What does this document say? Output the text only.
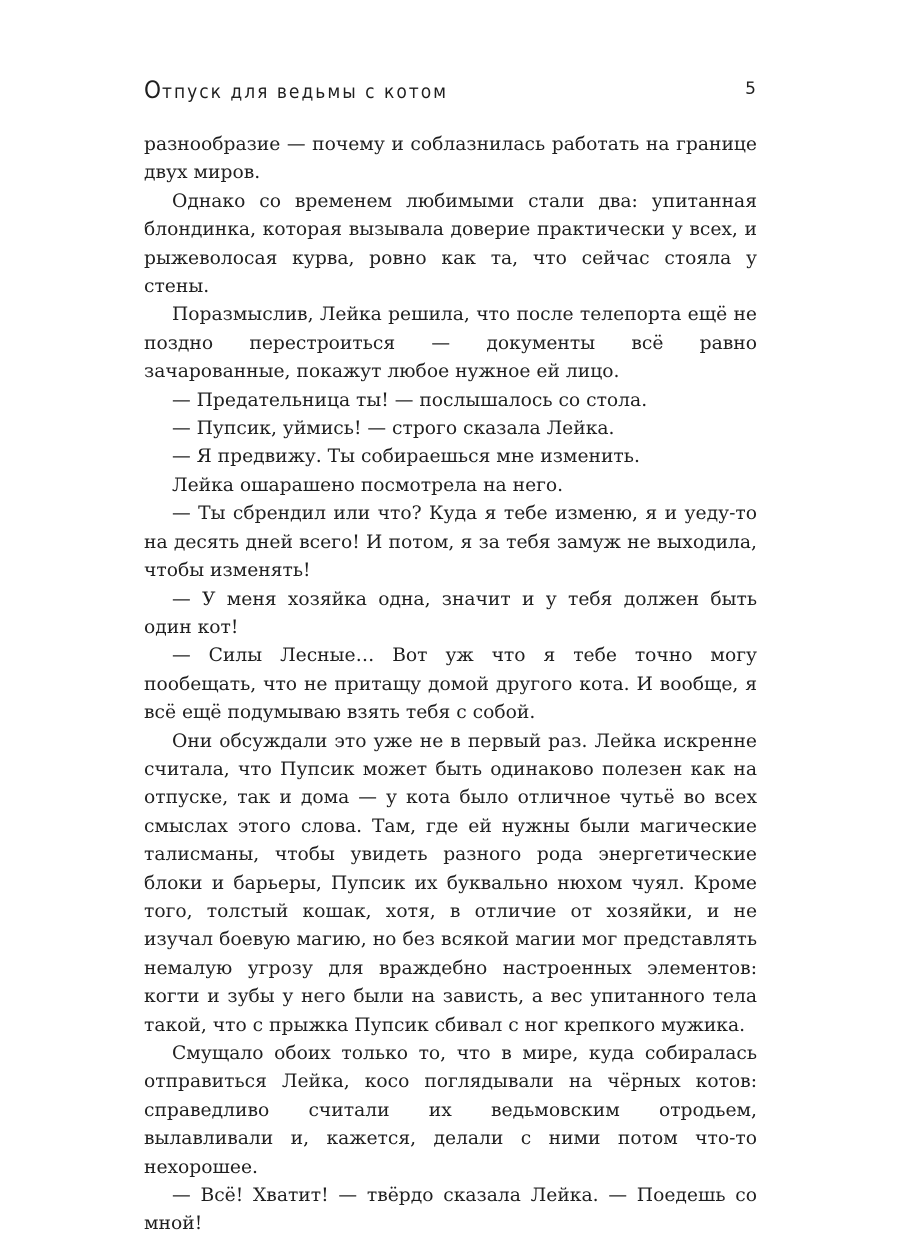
Отпуск для ведьмы с котом	5

разнообразие — почему и соблазнилась работать на границе двух миров.

Однако со временем любимыми стали два: упитанная блондинка, которая вызывала доверие практически у всех, и рыжеволосая курва, ровно как та, что сейчас стояла у стены.

Поразмыслив, Лейка решила, что после телепорта ещё не поздно перестроиться — документы всё равно зачарованные, покажут любое нужное ей лицо.

— Предательница ты! — послышалось со стола.

— Пупсик, уймись! — строго сказала Лейка.

— Я предвижу. Ты собираешься мне изменить.

Лейка ошарашено посмотрела на него.

— Ты сбрендил или что? Куда я тебе изменю, я и уеду-то на десять дней всего! И потом, я за тебя замуж не выходила, чтобы изменять!

— У меня хозяйка одна, значит и у тебя должен быть один кот!

— Силы Лесные… Вот уж что я тебе точно могу пообещать, что не притащу домой другого кота. И вообще, я всё ещё подумываю взять тебя с собой.

Они обсуждали это уже не в первый раз. Лейка искренне считала, что Пупсик может быть одинаково полезен как на отпуске, так и дома — у кота было отличное чутьё во всех смыслах этого слова. Там, где ей нужны были магические талисманы, чтобы увидеть разного рода энергетические блоки и барьеры, Пупсик их буквально нюхом чуял. Кроме того, толстый кошак, хотя, в отличие от хозяйки, и не изучал боевую магию, но без всякой магии мог представлять немалую угрозу для враждебно настроенных элементов: когти и зубы у него были на зависть, а вес упитанного тела такой, что с прыжка Пупсик сбивал с ног крепкого мужика.

Смущало обоих только то, что в мире, куда собиралась отправиться Лейка, косо поглядывали на чёрных котов: справедливо считали их ведьмовским отродьем, вылавливали и, кажется, делали с ними потом что-то нехорошее.

— Всё! Хватит! — твёрдо сказала Лейка. — Поедешь со мной!
